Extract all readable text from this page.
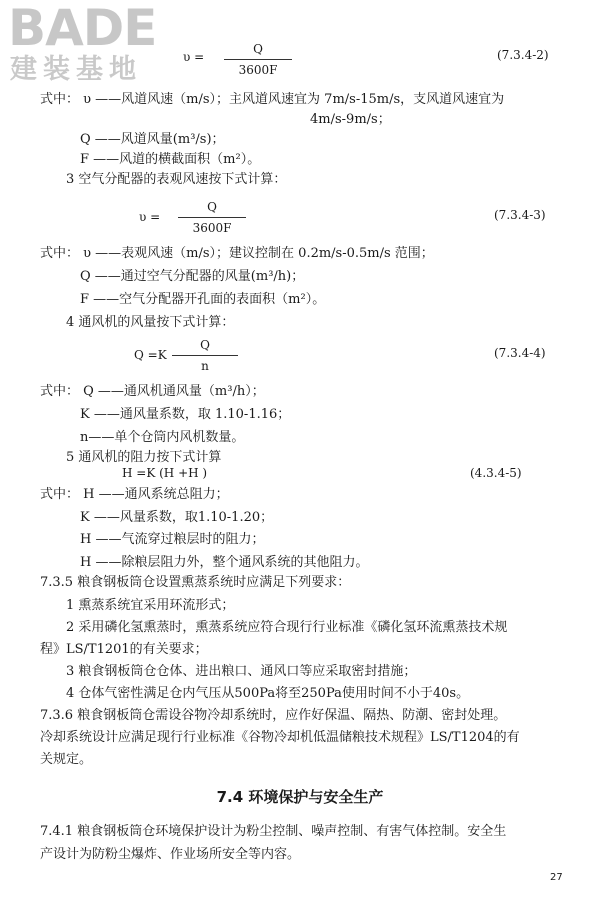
BADE
建装基地	υ =
Q
3600F
(7.3.4-2)
式中： υ ——风道风速（m/s）；主风道风速宜为 7m/s-15m/s，支风道风速宜为
4m/s-9m/s；
Q ——风道风量(m³/s)；
F ——风道的横截面积（m²）。
3 空气分配器的表观风速按下式计算：
υ =
Q
3600F
(7.3.4-3)
式中： υ ——表观风速（m/s）；建议控制在 0.2m/s-0.5m/s 范围；
Q ——通过空气分配器的风量(m³/h)；
F ——空气分配器开孔面的表面积（m²）。
4 通风机的风量按下式计算：
Q =K
Q
n
(7.3.4-4)
式中： Q ——通风机通风量（m³/h）；
K ——通风量系数，取 1.10-1.16；
n——单个仓筒内风机数量。
5 通风机的阻力按下式计算
H =K (H +H )	(4.3.4-5)
式中： H ——通风系统总阻力；
K ——风量系数，取1.10-1.20；
H ——气流穿过粮层时的阻力；
H ——除粮层阻力外，整个通风系统的其他阻力。
7.3.5 粮食钢板筒仓设置熏蒸系统时应满足下列要求：
1 熏蒸系统宜采用环流形式；
2 采用磷化氢熏蒸时，熏蒸系统应符合现行行业标准《磷化氢环流熏蒸技术规
程》LS/T1201的有关要求；
3 粮食钢板筒仓仓体、进出粮口、通风口等应采取密封措施；
4 仓体气密性满足仓内气压从500Pa将至250Pa使用时间不小于40s。
7.3.6 粮食钢板筒仓需设谷物冷却系统时，应作好保温、隔热、防潮、密封处理。
冷却系统设计应满足现行行业标准《谷物冷却机低温储粮技术规程》LS/T1204的有
关规定。
7.4 环境保护与安全生产
7.4.1 粮食钢板筒仓环境保护设计为粉尘控制、噪声控制、有害气体控制。安全生
产设计为防粉尘爆炸、作业场所安全等内容。
27
